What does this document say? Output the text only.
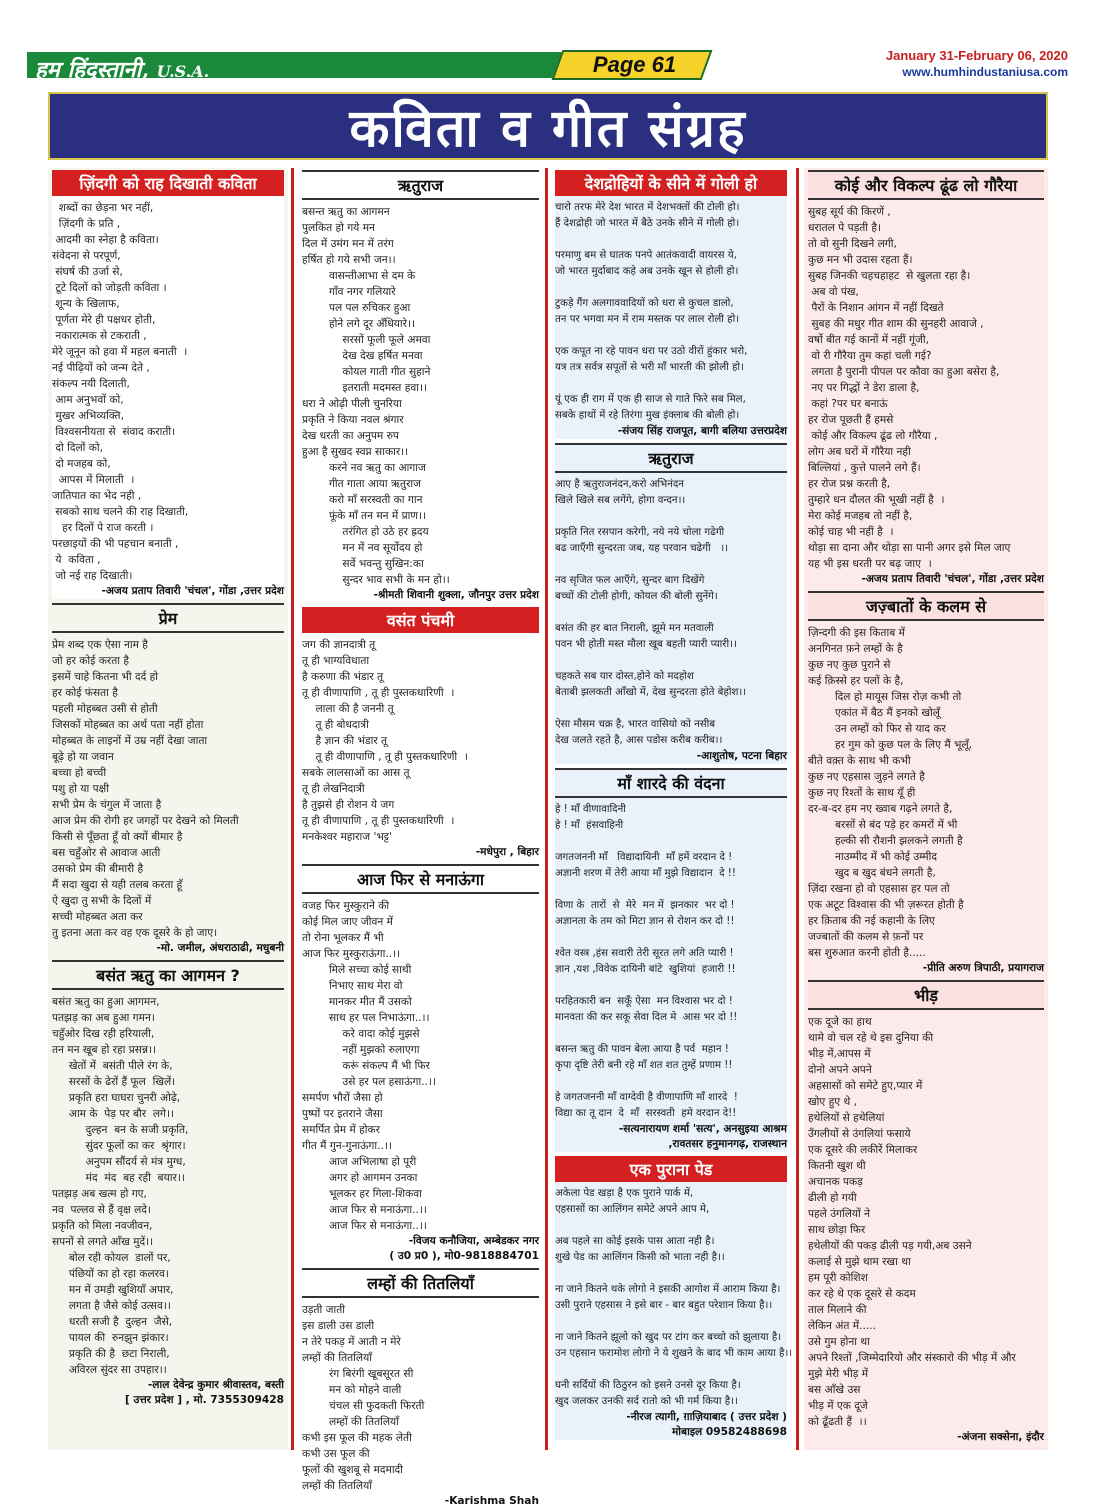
हम हिंदुस्तानी, U.S.A.	Page 61	January 31-February 06, 2020
www.humhindustaniusa.com
कविता व गीत संग्रह
ज़िंदगी को राह दिखाती कविता
शब्दों का छेड़ना भर नहीं,
ज़िंदगी के प्रति ,
आदमी का स्नेहा है कविता।
संवेदना से परपूर्ण,
संघर्ष की उर्जा से,
टूटे दिलों को जोड़ती कविता ।
शून्य के खिलाफ,
पूर्णता मेरे ही पक्षधर होती,
नकारात्मक से टकराती ,
मेरे जूनून को हवा में महल बनाती  ।
नई पीढ़ियों को जन्म देते ,
संकल्प नयी दिलाती,
आम अनुभवों को,
मुखर अभिव्यक्ति,
विश्वसनीयता से  संवाद कराती।
दो दिलों को,
दो मजहब को,
आपस में मिलाती  ।
जातिपात का भेद नही ,
सबको साथ चलने की राह दिखाती,
हर दिलों पे राज करती ।
परछाइयों की भी पहचान बनाती ,
ये  कविता ,
जो नई राह दिखाती।
-अजय प्रताप तिवारी 'चंचल', गोंडा ,उत्तर प्रदेश
प्रेम
प्रेम शब्द एक ऐसा नाम है
जो हर कोई करता है
इसमें चाहे कितना भी दर्द हो
हर कोई फंसता है
पहली मोहब्बत उसी से होती
जिसकों मोहब्बत का अर्थ पता नहीं होता
मोहब्बत के लाइनों में उम्र नहीं देखा जाता
बूढ़े हो या जवान
बच्चा हो बच्ची
पशु हो या पक्षी
सभी प्रेम के चंगुल में जाता है
आज प्रेम की रोगी हर जगहों पर देखने को मिलती
किसी से पूँछता हूँ वो क्यों बीमार है
बस चहुँओर से आवाज आती
उसको प्रेम की बीमारी है
मैं सदा खुदा से यही तलब करता हूँ
ऐ खुदा तु सभी के दिलों में
सच्ची मोहब्बत अता कर
तु इतना अता कर वह एक दूसरे के हो जाए।
-मो. जमील, अंधराठाढी, मधुबनी
बसंत ऋतु का आगमन ?
बसंत ऋतु का हुआ आगमन,
पतझड़ का अब हुआ गमन।
चहुँओर दिख रही हरियाली,
तन मन खूब हो रहा प्रसन्न।।
खेतों में  बसंती पीले रंग के,
सरसों के ढेरों हैं फूल  खिलें।
प्रकृति हरा घाघरा चुनरी ओढ़े,
आम के  पेड़ पर बौर  लगे।।
दुल्हन  बन के सजी प्रकृति,
सुंदर फूलों का कर  श्रृंगार।
अनुपम सौंदर्य से मंत्र मुग्ध,
मंद  मंद  बह रही  बयार।।
पतझड़ अब खत्म हो गए,
नव  पल्लव से हैं वृक्ष लदे।
प्रकृति को मिला नवजीवन,
सपनों से लगते आँख मुदें।।
बोल रही कोयल  डालों पर,
पंछियों का हो रहा कलरव।
मन में उमड़ी खुशियाँ अपार,
लगता है जैसे कोई उत्सव।।
धरती सजी है  दुल्हन  जैसे,
पायल की  रुनझुन झंकार।
प्रकृति की है  छटा निराली,
अविरल सुंदर सा उपहार।।
-लाल देवेन्द्र कुमार श्रीवास्तव, बस्ती
[ उत्तर प्रदेश ] , मो. 7355309428
ऋतुराज
बसन्त ऋतु का आगमन
पुलकित हो गये मन
दिल में उमंग मन में तरंग
हर्षित हो गये सभी जन।।
वासन्तीआभा से दम के
गाँव नगर गलियारे
पल पल रुचिकर हुआ
होने लगे दूर अँधियारे।।
सरसों फूली फूले अमवा
देख देख हर्षित मनवा
कोयल गाती गीत सुहाने
इतराती मदमस्त हवा।।
धरा ने ओढ़ी पीली चुनरिया
प्रकृति ने किया नवल श्रंगार
देख धरती का अनुपम रुप
हुआ है सुखद स्वप्न साकार।।
करने नव ऋतु का आगाज
गीत गाता आया ऋतुराज
करो माँ सरस्वती का गान
फूंके माँ तन मन में प्राण।।
तरंगित हो उठे हर ह्रदय
मन में नव सूर्योदय हो
सर्वे भवन्तु सुखिन:का
सुन्दर भाव सभी के मन हो।।
-श्रीमती शिवानी शुक्ला, जौनपुर उत्तर प्रदेश
वसंत पंचमी
जग की ज्ञानदात्री तू
तू ही भाग्यविधाता
है करुणा की भंडार तू
तू ही वीणापाणि , तू ही पुस्तकधारिणी  ।
लाला की है जननी तू
तू ही बोधदात्री
है ज्ञान की भंडार तू
तू ही वीणापाणि , तू ही पुस्तकधारिणी  ।
सबके लालसाओं का आस तू
तू ही लेखनिदात्री
है तुझसे ही रोशन ये जग
तू ही वीणापाणि , तू ही पुस्तकधारिणी  ।
मनकेश्वर महाराज 'भट्ट'
-मधेपुरा , बिहार
आज फिर से मनाऊंगा
वजह फिर मुस्कुराने की
कोई मिल जाए जीवन में
तो रोना भूलकर मैं भी
आज फिर मुस्कुराऊंगा..।।
मिले सच्चा कोई साथी
निभाए साथ मेरा वो
मानकर मीत मैं उसको
साथ हर पल निभाऊंगा..।।
करे वादा कोई मुझसे
नहीं मुझको रुलाएगा
करूं संकल्प मैं भी फिर
उसे हर पल हसाऊंगा..।।
समर्पण भौरों जैसा हो
पुष्पों पर इतराने जैसा
समर्पित प्रेम में होकर
गीत मैं गुन-गुनाऊंगा..।।
आज अभिलाषा हो पूरी
अगर हो आगमन उनका
भूलकर हर गिला-शिकवा
आज फिर से मनाऊंगा..।।
आज फिर से मनाऊंगा..।।
-विजय कनौजिया, अम्बेडकर नगर
( उ0 प्र0 ), मो0-9818884701
लम्हों की तितलियाँ
उड़ती जाती
इस डाली उस डाली
न तेरे पकड़ में आती न मेरे
लम्हों की तितलियाँ
रंग बिरंगी खूबसूरत सी
मन को मोहने वाली
चंचल सी फुदकती फिरती
लम्हों की तितलियाँ
कभी इस फूल की महक लेती
कभी उस फूल की
फूलों की खुशबू से मदमादी
लम्हों की तितलियाँ
-Karishma Shah
देशद्रोहियों के सीने में गोली हो
चारो तरफ मेरे देश भारत में देशभक्तों की टोली हो।
हैं देशद्रोही जो भारत में बैठे उनके सीने में गोली हो।

परमाणु बम से घातक पनपे आतंकवादी वायरस ये,
जो भारत मुर्दाबाद कहे अब उनके खून से होली हो।

टुकड़े गैंग अलगाववादियों को धरा से कुचल डालो,
तन पर भगवा मन में राम मस्तक पर लाल रोली हो।

एक कपूत ना रहे पावन धरा पर उठो वीरों हुंकार भरो,
यत्र तत्र सर्वत्र सपूतों से भरी माँ भारती की झोली हो।

यूं एक ही राग में एक ही साज से गाते फिरे सब मिल,
सबके हाथों में रहे तिरंगा मुख इंक्लाब की बोली हो।
-संजय सिंह राजपूत, बागी बलिया उत्तरप्रदेश
ऋतुराज
आए है ऋतुराजनंदन,करो अभिनंदन
खिले खिले सब लगेंगे, होगा वन्दन।।

प्रकृति नित रसपान करेगी, नये नये चोला गढेगी
बढ जाएँगी सुन्दरता जब, यह परवान चढेगी   ।।

नव सृजित फल आएँगे, सुन्दर बाग दिखेंगे
बच्चों की टोली होगी, कोयल की बोली सुनेंगे।

बसंत की हर बात निराली, झूमे मन मतवाली
पवन भी होती मस्त मौला खूब बहती प्यारी प्यारी।।

चहकते सब यार दोस्त,होने को मदहोश
बेताबी झलकती आँखो में, देख सुन्दरता होते बेहोश।।

ऐसा मौसम चक्र है, भारत वासियो को नसीब
देख जलते रहते है, आस पडोस करीब करीब।।
-आशुतोष, पटना बिहार
माँ शारदे की वंदना
हे ! माँ वीणावादिनी
हे ! माँ  हंसवाहिनी

जगतजननी माँ   विद्यादायिनी  माँ हमें वरदान दे !
अज्ञानी शरण में तेरी आया माँ मुझे विद्यादान  दे !!

विणा के  तारों  से  मेरे  मन में  झनकार  भर दो !
अज्ञानता के तम को मिटा ज्ञान से रोशन कर दो !!

श्वेत वस्त्र ,हंस सवारी तेरी सूरत लगे अति प्यारी !
ज्ञान ,यश ,विवेक दायिनी बांटे  खुशियां  हजारी !!

परहितकारी बन  सकूँ ऐसा  मन विश्वास भर दो !
मानवता की कर सकू सेवा दिल मे  आस भर दो !!

बसन्त ऋतु की पावन बेला आया है पर्व  महान !
कृपा दृष्टि तेरी बनी रहे माँ शत शत तुम्हें प्रणाम !!

हे जगतजननी माँ वाग्देवी है वीणापाणि माँ शारदे  !
विद्या का तू दान  दे  माँ  सरस्वती  हमे वरदान दे!!
-सत्यनारायण शर्मा 'सत्य', अनसुइया आश्रम
,रावतसर हनुमानगढ़, राजस्थान
एक पुराना पेड
अकेला पेड खड़ा है एक पुराने पार्क में,
एहसासों का आलिंगन समेटे अपने आप मे,

अब पहले सा कोई इसके पास आता नही है।
शुखे पेड का आलिंगन किसी को भाता नही है।।

ना जाने कितने थके लोगो ने इसकी आगोश में आराम किया है।
उसी पुराने एहसास ने इसे बार - बार बहुत परेशान किया है।।

ना जाने कितने झूलो को खुद पर टांग कर बच्चो को झुलाया है।
उन एहसान फरामोश लोगो ने ये शुखने के बाद भी काम आया है।।

घनी सर्दियों की ठिठुरन को इसने उनसे दूर किया है।
खुद जलकर उनकी सर्द रातो को भी गर्म किया है।।
-नीरज त्यागी, ग़ाज़ियाबाद ( उत्तर प्रदेश )
मोबाइल 09582488698
कोई और विकल्प ढूंढ लो गौरैया
सुबह सूर्य की किरणें ,
धरातल पे पड़ती है।
तो वो सुनी दिखने लगी,
कुछ मन भी उदास रहता हैं।
सुबह जिनकी चहचहाहट  से खुलता रहा है।
अब वो पंख,
पैरों के निशान आंगन में नहीं दिखते
सुबह की मधुर गीत शाम की सुनहरी आवाजे ,
वर्षो बीत गई कानों में नहीं गूंजी,
वो री गौरैया तुम कहां चली गई?
लगता है पुरानी पीपल पर कौवा का हुआ बसेरा है,
नए पर गिद्धों ने डेरा डाला है,
कहां ?पर घर बनाऊं
हर रोज पूछती हैं हमसे
कोई और विकल्प ढूंढ लो गौरैया ,
लोग अब घरों में गौरैया नही
बिल्लियां , कुत्ते पालने लगे हैं।
हर रोज प्रश्न करती है,
तुम्हारे धन दौलत की भूखी नहीं है  ।
मेरा कोई मजहब तो नहीं है,
कोई चाह भी नहीं है  ।
थोड़ा सा दाना और थोड़ा सा पानी अगर इसे मिल जाए
यह भी इस धरती पर बढ़ जाए  ।
-अजय प्रताप तिवारी 'चंचल', गोंडा ,उत्तर प्रदेश
जज़्बातों के कलम से
ज़िन्दगी की इस किताब में
अनगिनत फ़ने लम्हों के है
कुछ नए कुछ पुराने से
कई क़िस्से हर पलों के है,
दिल हो मायूस जिस रोज़ कभी तो
एकांत में बैठ मैं इनको खोलूँ
उन लम्हों को फिर से याद कर
हर गुम को कुछ पल के लिए मैं भूलूँ,
बीते वक़्त के साथ भी कभी
कुछ नए एहसास जुड़ने लगते है
कुछ नए रिश्तों के साथ यूँ ही
दर-ब-दर हम नए ख्वाब गढ़ने लगते है,
बरसों से बंद पड़े हर कमरों में भी
हल्की सी रौशनी झलकने लगती है
नाउम्मीद में भी कोई उम्मीद
खुद ब खुद बंधने लगती है,
ज़िंदा रखना हो वो एहसास हर पल तो
एक अटूट विश्वास की भी ज़रूरत होती है
हर क़िताब की नई कहानी के लिए
जज्बातों की कलम से फ़नों पर
बस शुरुआत करनी होती है.....
-प्रीति अरुण त्रिपाठी, प्रयागराज
भीड़
एक दूजे का हाथ
थामे वो चल रहे थे इस दुनिया की
भीड़ में,आपस में
दोनो अपने अपने
अहसासों को समेटे हुए,प्यार में
खोए हुए थे ,
हथेलियों से हथेलियां
उँगलीयों से उंगलियां फसाये
एक दूसरे की लकीरें मिलाकर
कितनी खुश थी
अचानक पकड़
ढीली हो गयी
पहले उंगलियों ने
साथ छोड़ा फिर
हथेलीयों की पकड़ ढीली पड़ गयी,अब उसने
कलाई से मुझे थाम रखा था
हम पूरी कोशिश
कर रहे थे एक दूसरे से कदम
ताल मिलाने की
लेकिन अंत में.....
उसे गुम होना था
अपने रिश्तों ,जिम्मेदारियो और संस्कारो की भीड़ में और
मुझे मेरी भीड़ में
बस आँखे उस
भीड़ में एक दूजे
को ढूँढती हैं  ।।
-अंजना सक्सेना, इंदौर
